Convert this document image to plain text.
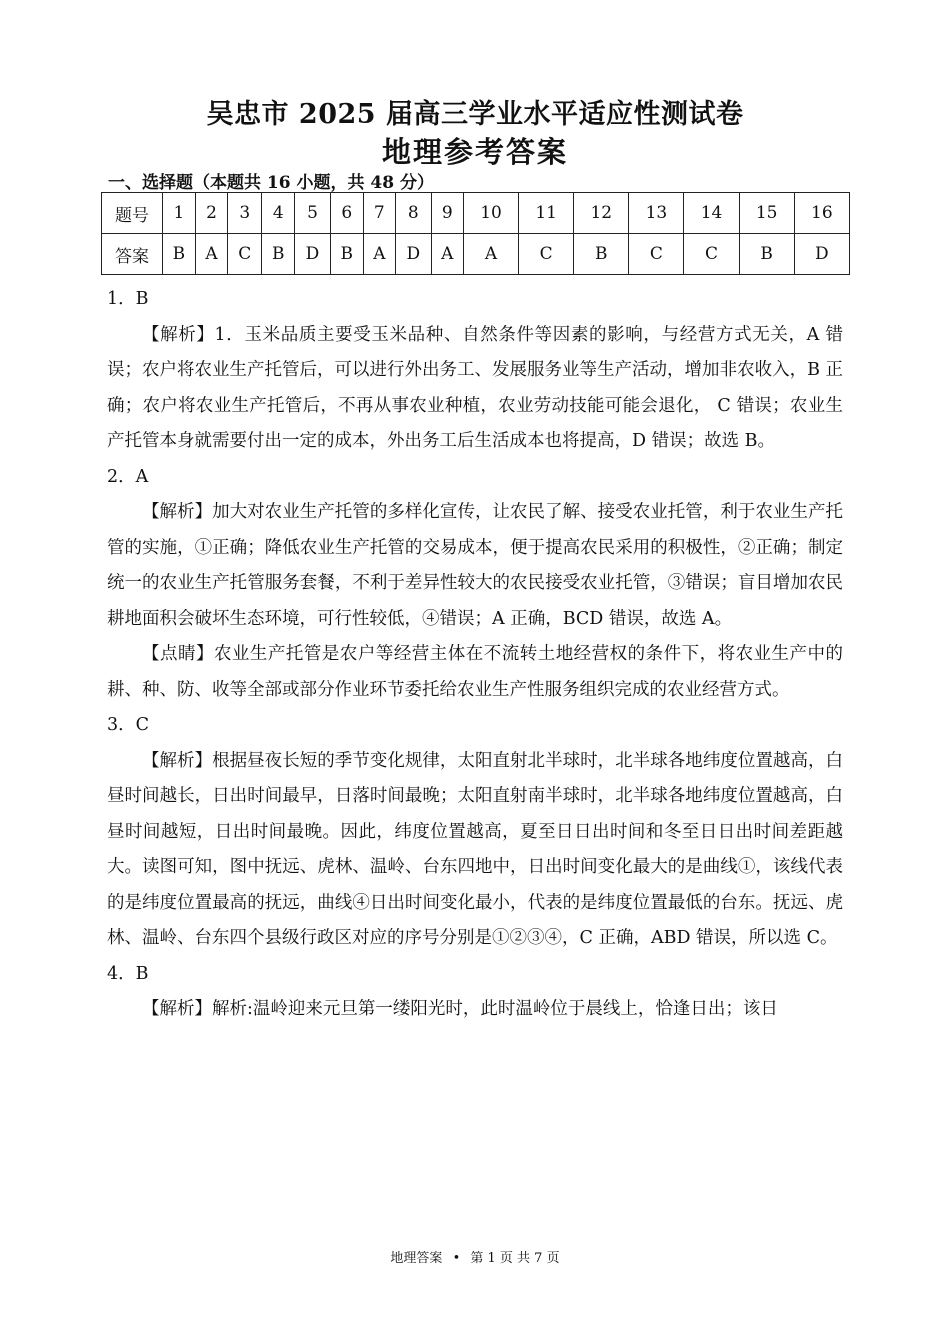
吴忠市 2025 届高三学业水平适应性测试卷
地理参考答案
一、选择题（本题共 16 小题，共 48 分）
题号	1	2	3	4	5	6	7	8	9	10	11	12	13	14	15	16
答案	B	A	C	B	D	B	A	D	A	A	C	B	C	C	B	D

1．B

【解析】1．玉米品质主要受玉米品种、自然条件等因素的影响，与经营方式无关，A 错误；农户将农业生产托管后，可以进行外出务工、发展服务业等生产活动，增加非农收入，B 正确；农户将农业生产托管后，不再从事农业种植，农业劳动技能可能会退化， C 错误；农业生产托管本身就需要付出一定的成本，外出务工后生活成本也将提高，D 错误；故选 B。

2．A

【解析】加大对农业生产托管的多样化宣传，让农民了解、接受农业托管，利于农业生产托管的实施，①正确；降低农业生产托管的交易成本，便于提高农民采用的积极性，②正确；制定统一的农业生产托管服务套餐，不利于差异性较大的农民接受农业托管，③错误；盲目增加农民耕地面积会破坏生态环境，可行性较低，④错误；A 正确，BCD 错误，故选 A。

【点睛】农业生产托管是农户等经营主体在不流转土地经营权的条件下，将农业生产中的耕、种、防、收等全部或部分作业环节委托给农业生产性服务组织完成的农业经营方式。

3．C

【解析】根据昼夜长短的季节变化规律，太阳直射北半球时，北半球各地纬度位置越高，白昼时间越长，日出时间最早，日落时间最晚；太阳直射南半球时，北半球各地纬度位置越高，白昼时间越短，日出时间最晚。因此，纬度位置越高，夏至日日出时间和冬至日日出时间差距越大。读图可知，图中抚远、虎林、温岭、台东四地中，日出时间变化最大的是曲线①，该线代表的是纬度位置最高的抚远，曲线④日出时间变化最小，代表的是纬度位置最低的台东。抚远、虎林、温岭、台东四个县级行政区对应的序号分别是①②③④，C 正确，ABD 错误，所以选 C。

4．B

【解析】解析:温岭迎来元旦第一缕阳光时，此时温岭位于晨线上，恰逢日出；该日

地理答案 • 第 1 页 共 7 页
